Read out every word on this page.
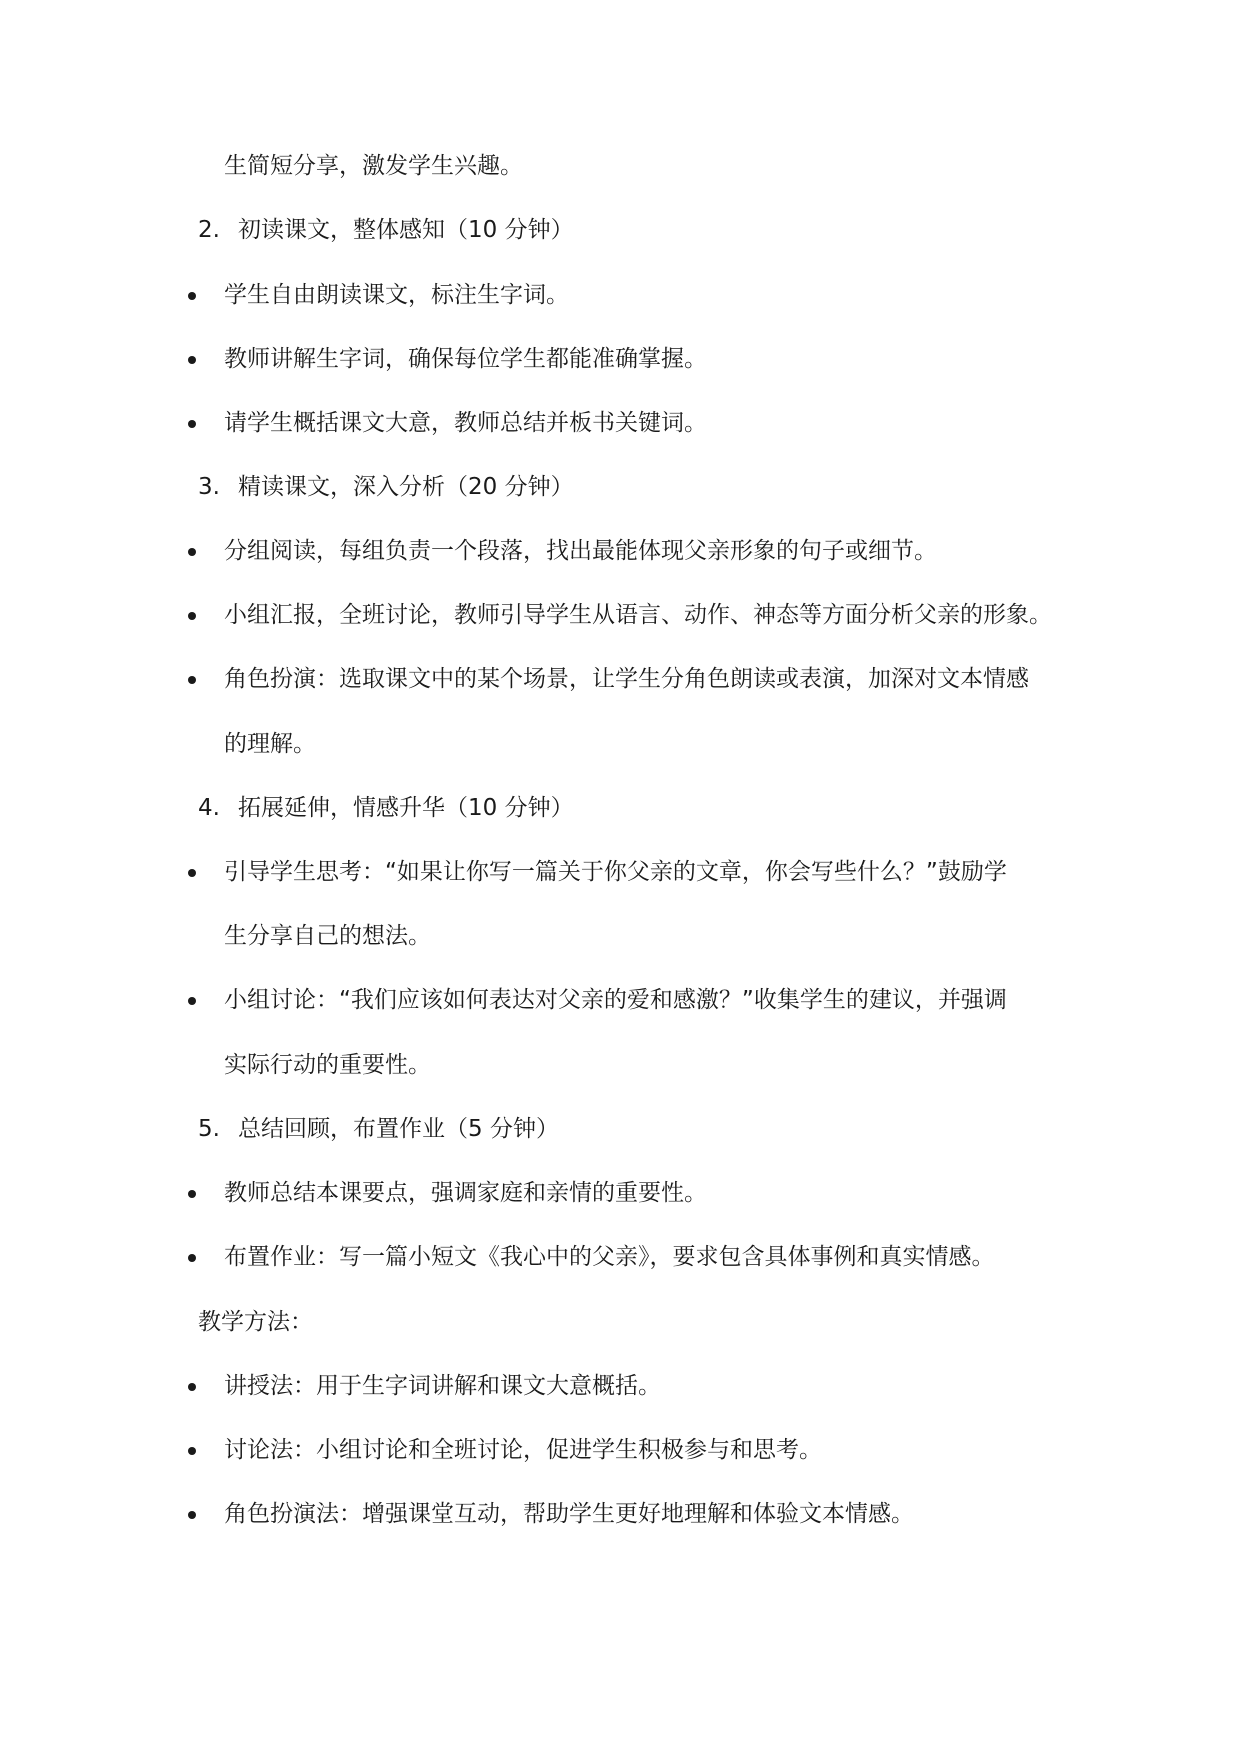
生简短分享，激发学生兴趣。
2. 初读课文，整体感知（10 分钟）
学生自由朗读课文，标注生字词。
教师讲解生字词，确保每位学生都能准确掌握。
请学生概括课文大意，教师总结并板书关键词。
3. 精读课文，深入分析（20 分钟）
分组阅读，每组负责一个段落，找出最能体现父亲形象的句子或细节。
小组汇报，全班讨论，教师引导学生从语言、动作、神态等方面分析父亲的形象。
角色扮演：选取课文中的某个场景，让学生分角色朗读或表演，加深对文本情感
的理解。
4. 拓展延伸，情感升华（10 分钟）
引导学生思考：“如果让你写一篇关于你父亲的文章，你会写些什么？”鼓励学
生分享自己的想法。
小组讨论：“我们应该如何表达对父亲的爱和感激？”收集学生的建议，并强调
实际行动的重要性。
5. 总结回顾，布置作业（5 分钟）
教师总结本课要点，强调家庭和亲情的重要性。
布置作业：写一篇小短文《我心中的父亲》，要求包含具体事例和真实情感。
教学方法：
讲授法：用于生字词讲解和课文大意概括。
讨论法：小组讨论和全班讨论，促进学生积极参与和思考。
角色扮演法：增强课堂互动，帮助学生更好地理解和体验文本情感。
